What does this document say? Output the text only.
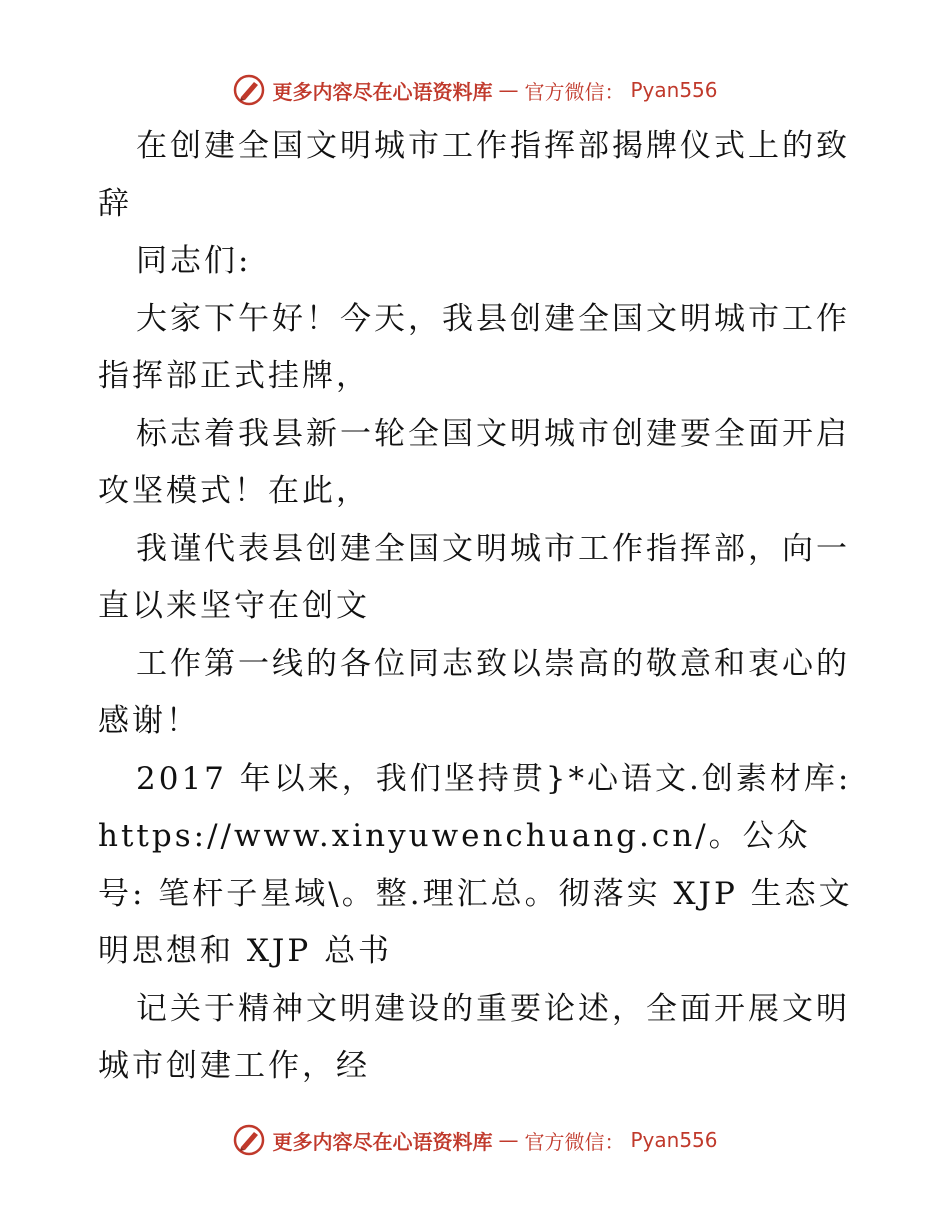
更多内容尽在心语资料库 — 官方微信： Pyan556

在创建全国文明城市工作指挥部揭牌仪式上的致辞

同志们:

大家下午好！今天，我县创建全国文明城市工作指挥部正式挂牌，

标志着我县新一轮全国文明城市创建要全面开启攻坚模式！在此，

我谨代表县创建全国文明城市工作指挥部，向一直以来坚守在创文

工作第一线的各位同志致以崇高的敬意和衷心的感谢！

2017 年以来，我们坚持贯}*心语文.创素材库:https://www.xinyuwenchuang.cn/。公众号: 笔杆子星域\。整.理汇总。彻落实 XJP 生态文明思想和 XJP 总书

记关于精神文明建设的重要论述，全面开展文明城市创建工作，经

更多内容尽在心语资料库 — 官方微信： Pyan556
